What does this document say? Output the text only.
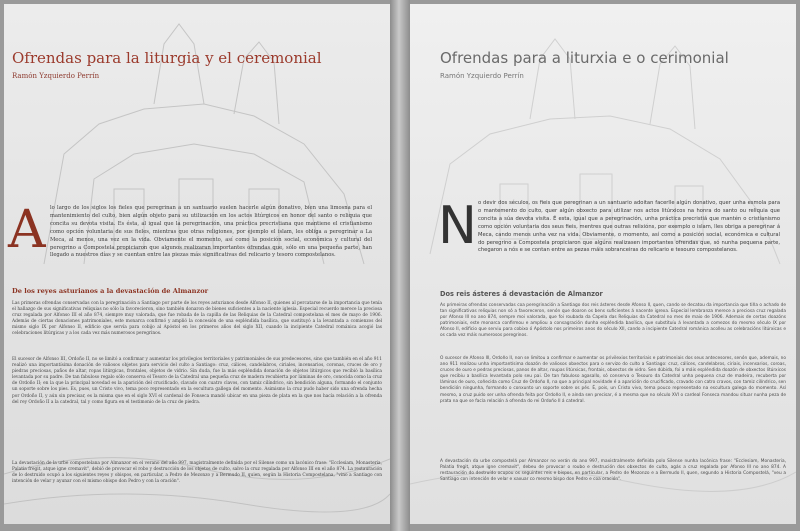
Ofrendas para la liturgia y el ceremonial
Ramón Yzquierdo Perrín
A lo largo de los siglos los fieles que peregrinan a un santuario suelen hacerle algún donativo, bien una limosna para el mantenimiento del culto, bien algún objeto para su utilización en los actos litúrgicos en honor del santo o reliquia que concita su devota visita. Es ésta, al igual que la peregrinación, una práctica precristiana que mantiene el cristianismo como opción voluntaria de sus fieles, mientras que otras religiones, por ejemplo el islam, les obliga a peregrinar a La Meca, al menos, una vez en la vida. Obviamente el momento, así como la posición social, económica y cultural del peregrino a Compostela propiciaron que algunos realizaran importantes ofrendas que, sólo en una pequeña parte, han llegado a nuestros días y se cuentan entre las piezas más significativas del relicario y tesoro compostelanos.

De los reyes asturianos a la devastación de Almanzor

Las primeras ofrendas conservadas con la peregrinación a Santiago por parte de los reyes asturianos desde Alfonso II, quienes al percatarse de la importancia que tenía el hallazgo de sus significativas reliquias no sólo la favorecieron, sino también donaron de bienes suficientes a la naciente iglesia. Especial recuerdo merece la preciosa cruz regalada por Alfonso III el año 874, siempre muy valorada, que fue robada de la capilla de las Reliquias de la Catedral compostelana el mes de mayo de 1906. Además de ciertas donaciones patrimoniales, este monarca confirmó y amplió la concesión de una espléndida basílica, que sustituyó a la levantada a comienzos del mismo siglo IX por Alfonso II, edificio que servía para cobijo al Apóstol en los primeros años del siglo XII, cuando la incipiente Catedral románica acogió las celebraciones litúrgicas y a los cada vez más numerosos peregrinos.

El sucesor de Alfonso III, Ordoño II, no se limitó a confirmar y aumentar los privilegios territoriales y patrimoniales de sus predecesores, sino que también en el año 911 realizó una importantísima donación de valiosos objetos para servicio del culto a Santiago: cruz, cálices, candelabros, ciriales, incensarios, coronas, cruces de oro y piedras preciosas, paños de altar, ropas litúrgicas, frontales, objetos de vidrio. Sin duda, fue la más espléndida donación de objetos litúrgicos que recibió la basílica levantada por su padre. De tan fabuloso regalo sólo conserva el Tesoro de la Catedral una pequeña cruz de madera recubierta por láminas de oro, conocida como la cruz de Ordoño II; en la que la principal novedad es la aparición del crucificado, clavado con cuatro clavos, con tamiz cilíndrico, sin bendición alguna, formando el conjunto un soporte sobre los pies. Es, pues, un Cristo vivo, tema poco representado en la escultura gallega del momento. Asimismo la cruz pudo haber sido una ofrenda hecha por Ordoño II, y aún sin precisar, es la misma que en el siglo XVI el cardenal de Fonseca mandó ubicar en una pieza de plata en la que nos hacía relación a la ofrenda del rey Ordoño II a la catedral, tal y como figura en el testimonio de la cruz de piedra.

La devastación de la urbe compostelana por Almanzor en el verano del año 997, magistralmente definida por el Silense como un lacónico frase: "Ecclesiam, Monasteria, Palatia fregit, atque igne cremavit", debió de provocar el robo y destrucción de los objetos de culto, salvo la cruz regalada por Alfonso III en el año 874. La restauración de lo destruido ocupó a los siguientes reyes y obispos, en particular, a Pedro de Mezonzo y a Bermudo II, quien, según la Historia Compostelana, "vino a Santiago con intención de velar y ayunar con el mismo obispo don Pedro y con la oración".

Ofrendas para a liturxia e o cerimonial
Ramón Yzquierdo Perrín
N o devir dos séculos, os fieis que peregrinan a un santuario adoitan facerlle algún donativo, quer unha esmola para o mantemento do culto, quer algún obxecto para utilizar nos actos litúrxicos na honra do santo ou reliquia que concita a súa devota visita. É esta, igual que a peregrinación, unha práctica precristiá que mantén o cristianismo como opción voluntaria dos seus fieis, mentres que outras relixións, por exemplo o islam, lles obriga a peregrinar á Meca, cando menos unha vez na vida. Obviamente, o momento, así como a posición social, económica e cultural do peregrino a Compostela propiciaron que algúns realizasen importantes ofrendas que, só nunha pequena parte, chegaron a nós e se contan entre as pezas máis sobranceiras do relicario e tesouro compostelanos.

Dos reis ásteres á devastación de Almanzor

As primeiras ofrendas conservadas coa peregrinación a Santiago dos reis ásteres desde Afonso II, quen, cando se decatou da importancia que tiña o achado de tan significativas reliquias non só a favoreceron, senón que doaron os bens suficientes á nacente igrexa. Especial lembranza merece a preciosa cruz regalada por Afonso III no ano 874, sempre moi valorada, que foi roubada da Capela das Reliquias da Catedral no mes de maio de 1906. Ademais de certas doazóns patrimoniais, este monarca confirmou e ampliou a consagración dunha espléndida basílica, que substituíu á levantada a comezos do mesmo século IX por Afonso II, edificio que serviu para cobixo ó Apóstolo nos primeiros anos do século XII, cando a incipiente Catedral románica acolleu as celebracións litúrxicas e os cada vez máis numerosos peregrinos.

O sucesor de Afonso III, Ordoño II, non se limitou a confirmar e aumentar os privilexios territoriais e patrimoniais dos seus antecesores, senón que, ademais, no ano 911 realizou unha importantísima doazón de valiosos obxectos para o servizo do culto a Santiago: cruz, cálices, candelabros, ciriais, incensarios, coroas, cruces de ouro e pedras preciosas, panos de altar, roupas litúrxicas, frontais, obxectos de vidro. Sen dúbida, foi a máis espléndida doazón de obxectos litúrxicos que recibiu a basílica levantada polo seu pai. De tan fabuloso agasallo, só conserva o Tesouro da Catedral unha pequena cruz de madeira, recuberta por láminas de ouro, coñecida como Cruz de Ordoño II, na que a principal novidade é a aparición do crucificado, cravado con catro cravos, con tamiz cilíndrico, sen bendición ningunha, formando o conxunto un soporte sobre os pés. É, pois, un Cristo vivo, tema pouco representado na escultura galega do momento. Así mesmo, a cruz puido ser unha ofrenda feita por Ordoño II, e aínda sen precisar, é a mesma que no século XVI o cardeal Fonseca mandou situar nunha peza de prata na que se facía relación á ofrenda do rei Ordoño II á catedral.

A devastación da urbe compostelá por Almanzor no verán do ano 997, maxistralmente definida polo Silense nunha lacónica frase: "Ecclesiam, Monasteria, Palatia fregit, atque igne cremavit", debeu de provocar o roubo e destrución dos obxectos de culto, agás a cruz regalada por Afonso III no ano 874. A restauración do destruído ocupou os seguintes reis e bispos, en particular, a Pedro de Mezonzo e a Bermudo II, quen, segundo a Historia Compostelá, "veu a Santiago con intención de velar e xaxuar co mesmo bispo don Pedro e coa oración".
